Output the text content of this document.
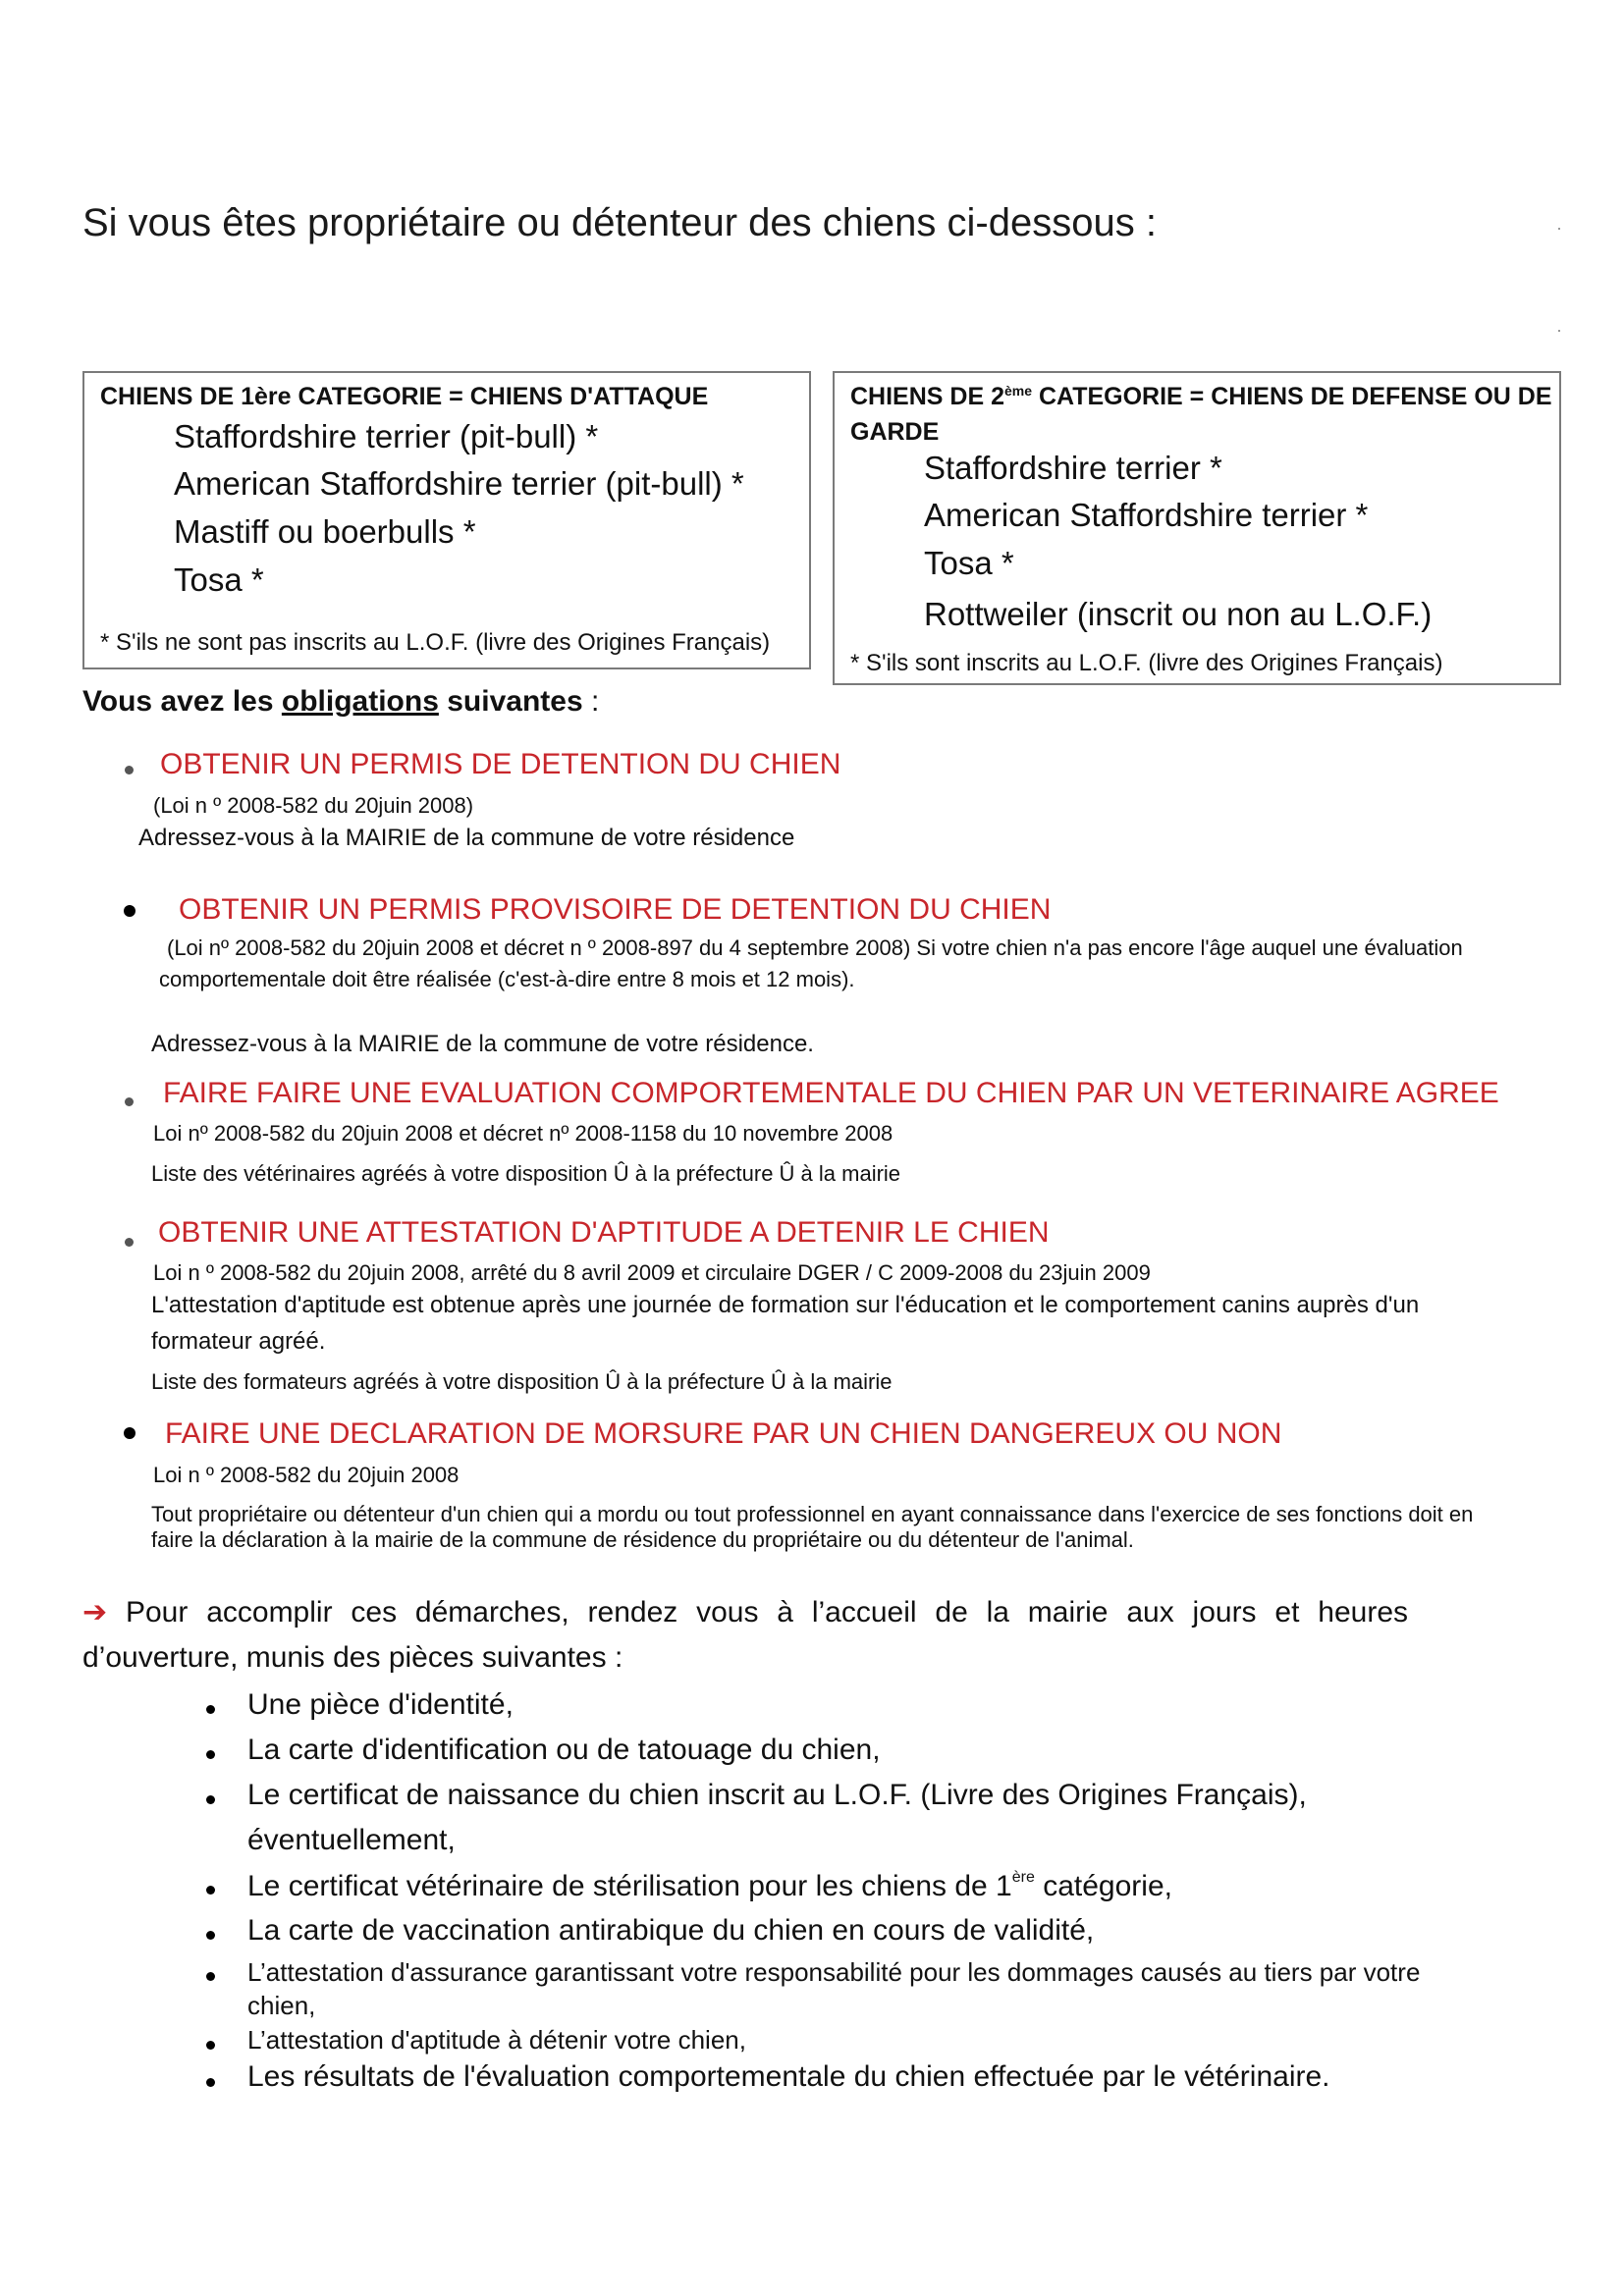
Si vous êtes propriétaire ou détenteur des chiens ci-dessous :
CHIENS DE 1ère CATEGORIE = CHIENS D'ATTAQUE
Staffordshire terrier (pit-bull) *
American Staffordshire terrier (pit-bull) *
Mastiff ou boerbulls *
Tosa *
* S'ils ne sont pas inscrits au L.O.F. (livre des Origines Français)
CHIENS DE 2ème CATEGORIE = CHIENS DE DEFENSE OU DE
GARDE
Staffordshire terrier *
American Staffordshire terrier *
Tosa *
Rottweiler (inscrit ou non au L.O.F.)
* S'ils sont inscrits au L.O.F. (livre des Origines Français)
Vous avez les obligations suivantes :
OBTENIR UN PERMIS DE DETENTION DU CHIEN
(Loi n º 2008-582 du 20juin 2008)
Adressez-vous à la MAIRIE de la commune de votre résidence
OBTENIR UN PERMIS PROVISOIRE DE DETENTION DU CHIEN
(Loi nº 2008-582 du 20juin 2008 et décret n º 2008-897 du 4 septembre 2008) Si votre chien n'a pas encore l'âge auquel une évaluation
comportementale doit être réalisée (c'est-à-dire entre 8 mois et 12 mois).
Adressez-vous à la MAIRIE de la commune de votre résidence.
FAIRE FAIRE UNE EVALUATION COMPORTEMENTALE DU CHIEN PAR UN VETERINAIRE AGREE
Loi nº 2008-582 du 20juin 2008 et décret nº 2008-1158 du 10 novembre 2008
Liste des vétérinaires agréés à votre disposition Û à la préfecture Û à la mairie
OBTENIR UNE ATTESTATION D'APTITUDE A DETENIR LE CHIEN
Loi n º 2008-582 du 20juin 2008, arrêté du 8 avril 2009 et circulaire DGER / C 2009-2008 du 23juin 2009
L'attestation d'aptitude est obtenue après une journée de formation sur l'éducation et le comportement canins auprès d'un
formateur agréé.
Liste des formateurs agréés à votre disposition Û à la préfecture Û à la mairie
FAIRE UNE DECLARATION DE MORSURE PAR UN CHIEN DANGEREUX OU NON
Loi n º 2008-582 du 20juin 2008
Tout propriétaire ou détenteur d'un chien qui a mordu ou tout professionnel en ayant connaissance dans l'exercice de ses fonctions doit en
faire la déclaration à la mairie de la commune de résidence du propriétaire ou du détenteur de l'animal.
➔ Pour accomplir ces démarches, rendez vous à l’accueil de la mairie aux jours et heures d’ouverture, munis des pièces suivantes :
Une pièce d'identité,
La carte d'identification ou de tatouage du chien,
Le certificat de naissance du chien inscrit au L.O.F. (Livre des Origines Français),
éventuellement,
Le certificat vétérinaire de stérilisation pour les chiens de 1ère catégorie,
La carte de vaccination antirabique du chien en cours de validité,
L’attestation d'assurance garantissant votre responsabilité pour les dommages causés au tiers par votre
chien,
L’attestation d'aptitude à détenir votre chien,
Les résultats de l'évaluation comportementale du chien effectuée par le vétérinaire.
